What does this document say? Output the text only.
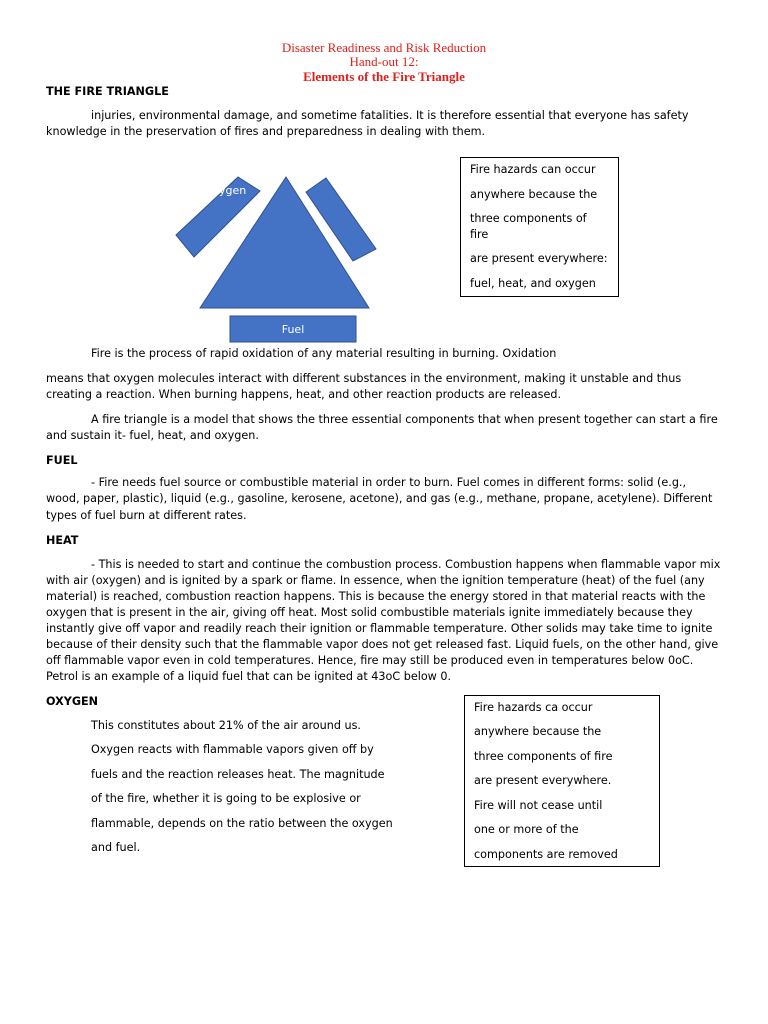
Disaster Readiness and Risk Reduction
Hand-out 12:
Elements of the Fire Triangle
THE FIRE TRIANGLE
injuries, environmental damage, and sometime fatalities. It is therefore essential that everyone has safety
knowledge in the preservation of fires and preparedness in dealing with them.
ygen
Fuel
Fire hazards can occur
anywhere because the
three components of
fire
are present everywhere:
fuel, heat, and oxygen
Fire is the process of rapid oxidation of any material resulting in burning. Oxidation
means that oxygen molecules interact with different substances in the environment, making it unstable and thus
creating a reaction. When burning happens, heat, and other reaction products are released.
A fire triangle is a model that shows the three essential components that when present together can start a fire
and sustain it- fuel, heat, and oxygen.
FUEL
- Fire needs fuel source or combustible material in order to burn. Fuel comes in different forms: solid (e.g.,
wood, paper, plastic), liquid (e.g., gasoline, kerosene, acetone), and gas (e.g., methane, propane, acetylene). Different
types of fuel burn at different rates.
HEAT
- This is needed to start and continue the combustion process. Combustion happens when flammable vapor mix
with air (oxygen) and is ignited by a spark or flame. In essence, when the ignition temperature (heat) of the fuel (any
material) is reached, combustion reaction happens. This is because the energy stored in that material reacts with the
oxygen that is present in the air, giving off heat. Most solid combustible materials ignite immediately because they
instantly give off vapor and readily reach their ignition or flammable temperature. Other solids may take time to ignite
because of their density such that the flammable vapor does not get released fast. Liquid fuels, on the other hand, give
off flammable vapor even in cold temperatures. Hence, fire may still be produced even in temperatures below 0oC.
Petrol is an example of a liquid fuel that can be ignited at 43oC below 0.
OXYGEN
This constitutes about 21% of the air around us.
Oxygen reacts with flammable vapors given off by
fuels and the reaction releases heat. The magnitude
of the fire, whether it is going to be explosive or
flammable, depends on the ratio between the oxygen
and fuel.
Fire hazards ca occur
anywhere because the
three components of fire
are present everywhere.
Fire will not cease until
one or more of the
components are removed
